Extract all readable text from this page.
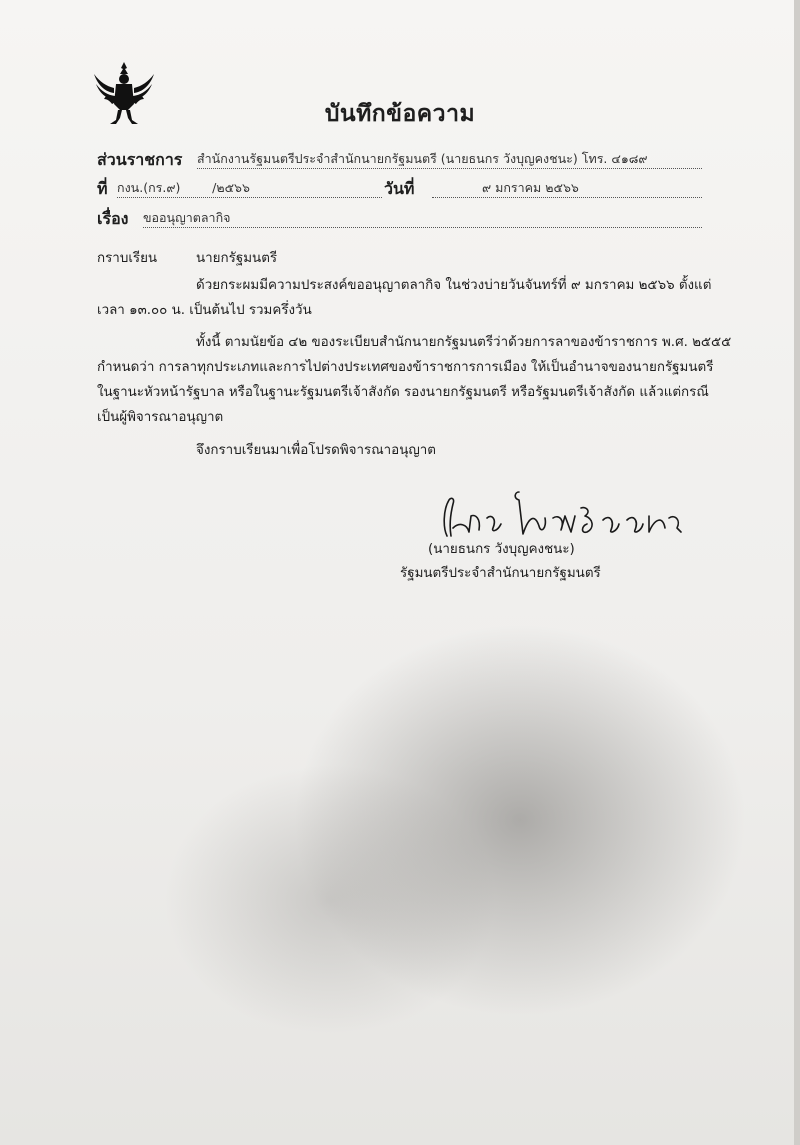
บันทึกข้อความ
ส่วนราชการ สำนักงานรัฐมนตรีประจำสำนักนายกรัฐมนตรี (นายธนกร วังบุญคงชนะ) โทร. ๔๑๘๙
ที่ กงน.(กร.๙)        /๒๕๖๖	วันที่	๙ มกราคม ๒๕๖๖
เรื่อง ขออนุญาตลากิจ
กราบเรียน	นายกรัฐมนตรี
ด้วยกระผมมีความประสงค์ขออนุญาตลากิจ ในช่วงบ่ายวันจันทร์ที่ ๙ มกราคม ๒๕๖๖ ตั้งแต่
เวลา ๑๓.๐๐ น. เป็นต้นไป รวมครึ่งวัน
ทั้งนี้ ตามนัยข้อ ๔๒ ของระเบียบสำนักนายกรัฐมนตรีว่าด้วยการลาของข้าราชการ พ.ศ. ๒๕๕๕
กำหนดว่า การลาทุกประเภทและการไปต่างประเทศของข้าราชการการเมือง ให้เป็นอำนาจของนายกรัฐมนตรี
ในฐานะหัวหน้ารัฐบาล หรือในฐานะรัฐมนตรีเจ้าสังกัด รองนายกรัฐมนตรี หรือรัฐมนตรีเจ้าสังกัด แล้วแต่กรณี
เป็นผู้พิจารณาอนุญาต
จึงกราบเรียนมาเพื่อโปรดพิจารณาอนุญาต
(นายธนกร วังบุญคงชนะ)
รัฐมนตรีประจำสำนักนายกรัฐมนตรี
